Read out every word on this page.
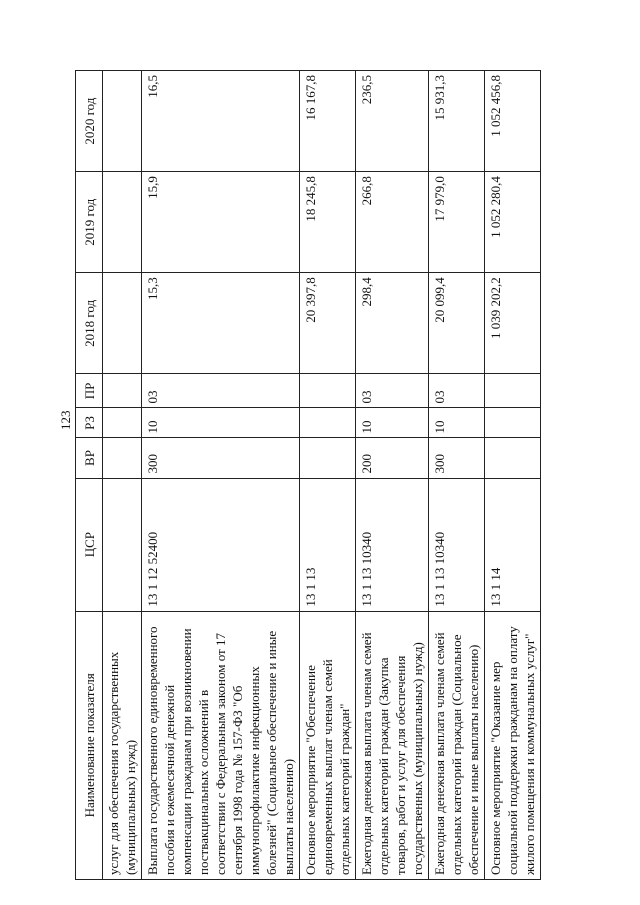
123
Наименование показателя	ЦСР	ВР	РЗ	ПР	2018 год	2019 год	2020 год
услуг для обеспечения государственных (муниципальных) нужд)							
Выплата государственного единовременного пособия и ежемесячной денежной компенсации гражданам при возникновении поствакцинальных осложнений в соответствии с Федеральным законом от 17 сентября 1998 года № 157-ФЗ "Об иммунопрофилактике инфекционных болезней" (Социальное обеспечение и иные выплаты населению)	13 1 12 52400	300	10	03	15,3	15,9	16,5
Основное мероприятие "Обеспечение единовременных выплат членам семей отдельных категорий граждан"	13 1 13				20 397,8	18 245,8	16 167,8
Ежегодная денежная выплата членам семей отдельных категорий граждан (Закупка товаров, работ и услуг для обеспечения государственных (муниципальных) нужд)	13 1 13 10340	200	10	03	298,4	266,8	236,5
Ежегодная денежная выплата членам семей отдельных категорий граждан (Социальное обеспечение и иные выплаты населению)	13 1 13 10340	300	10	03	20 099,4	17 979,0	15 931,3
Основное мероприятие "Оказание мер социальной поддержки гражданам на оплату жилого помещения и коммунальных услуг"	13 1 14				1 039 202,2	1 052 280,4	1 052 456,8
